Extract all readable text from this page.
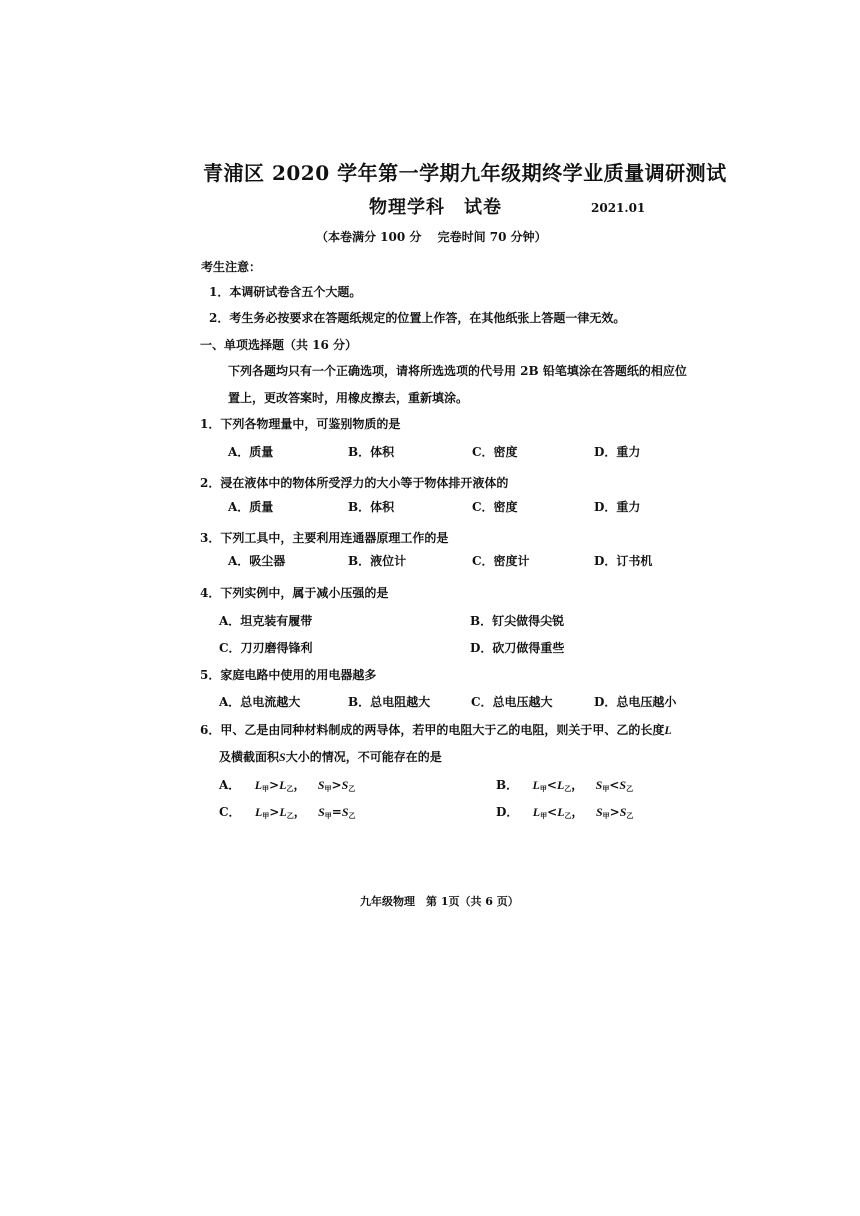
青浦区 2020 学年第一学期九年级期终学业质量调研测试
物理学科　试卷	2021.01
（本卷满分 100 分　 完卷时间 70 分钟）
考生注意：
1．本调研试卷含五个大题。
2．考生务必按要求在答题纸规定的位置上作答，在其他纸张上答题一律无效。
一、单项选择题（共 16 分）
下列各题均只有一个正确选项，请将所选选项的代号用 2B 铅笔填涂在答题纸的相应位
置上，更改答案时，用橡皮擦去，重新填涂。
1．下列各物理量中，可鉴别物质的是
A．质量	B．体积	C．密度	D．重力
2．浸在液体中的物体所受浮力的大小等于物体排开液体的
A．质量	B．体积	C．密度	D．重力
3．下列工具中，主要利用连通器原理工作的是
A．吸尘器	B．液位计	C．密度计	D．订书机
4．下列实例中，属于减小压强的是
A．坦克装有履带	B．钉尖做得尖锐
C．刀刃磨得锋利	D．砍刀做得重些
5．家庭电路中使用的用电器越多
A．总电流越大	B．总电阻越大	C．总电压越大	D．总电压越小
6．甲、乙是由同种材料制成的两导体，若甲的电阻大于乙的电阻，则关于甲、乙的长度L
及横截面积S大小的情况，不可能存在的是
A． $L_甲>L_乙$， $S_甲>S_乙$	B． $L_甲<L_乙$， $S_甲<S_乙$
C． $L_甲>L_乙$， $S_甲=S_乙$	D． $L_甲<L_乙$， $S_甲>S_乙$
九年级物理　第 1页（共 6 页）
